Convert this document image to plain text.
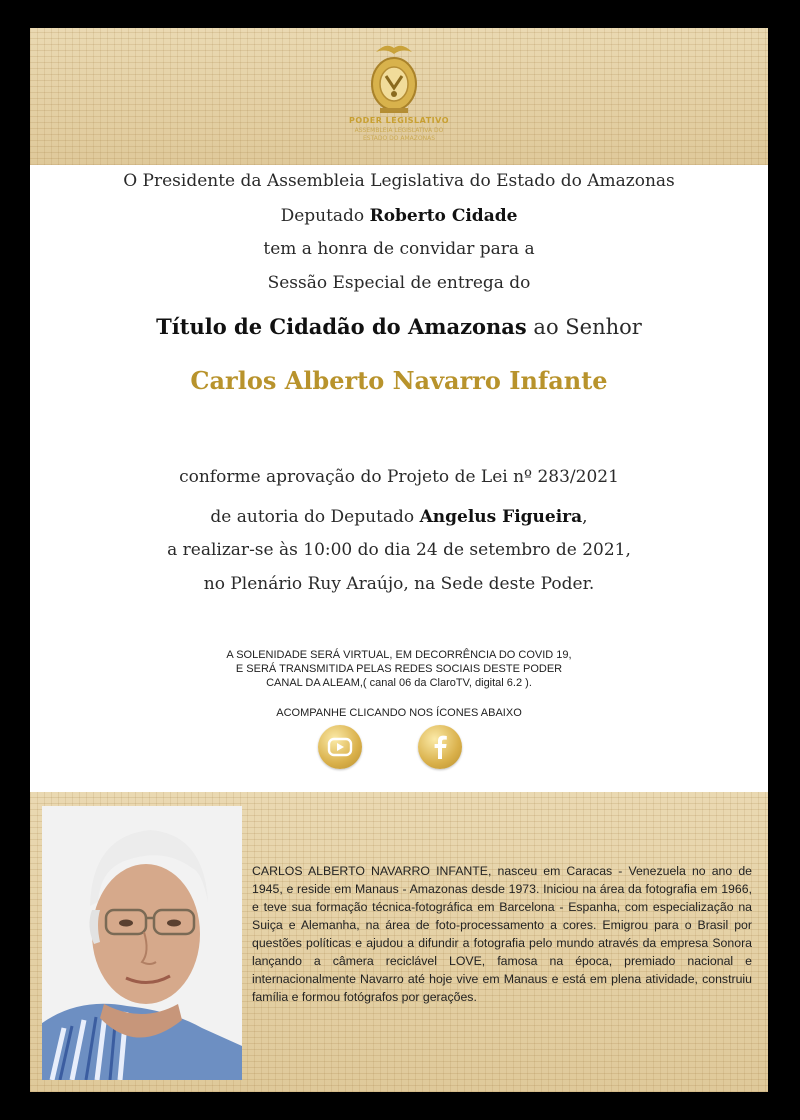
PODER LEGISLATIVO
ASSEMBLEIA LEGISLATIVA DO
ESTADO DO AMAZONAS
O Presidente da Assembleia Legislativa do Estado do Amazonas
Deputado Roberto Cidade
tem a honra de convidar para a
Sessão Especial de entrega do
Título de Cidadão do Amazonas ao Senhor
Carlos Alberto Navarro Infante
conforme aprovação do Projeto de Lei nº 283/2021
de autoria do Deputado Angelus Figueira,
a realizar-se às 10:00 do dia 24 de setembro de 2021,
no Plenário Ruy Araújo, na Sede deste Poder.
A SOLENIDADE SERÁ VIRTUAL, EM DECORRÊNCIA DO COVID 19,
E SERÁ TRANSMITIDA PELAS REDES SOCIAIS DESTE PODER
CANAL DA ALEAM,( canal 06 da ClaroTV, digital 6.2 ).
ACOMPANHE CLICANDO NOS ÍCONES ABAIXO
CARLOS ALBERTO NAVARRO INFANTE, nasceu em Caracas - Venezuela no ano de 1945, e reside em Manaus - Amazonas desde 1973. Iniciou na área da fotografia em 1966, e teve sua formação técnica-fotográfica em Barcelona - Espanha, com especialização na Suiça e Alemanha, na área de foto-processamento a cores. Emigrou para o Brasil por questões políticas e ajudou a difundir a fotografia pelo mundo através da empresa Sonora lançando a câmera reciclável LOVE, famosa na época, premiado nacional e internacionalmente Navarro até hoje vive em Manaus e está em plena atividade, construiu família e formou fotógrafos por gerações.
